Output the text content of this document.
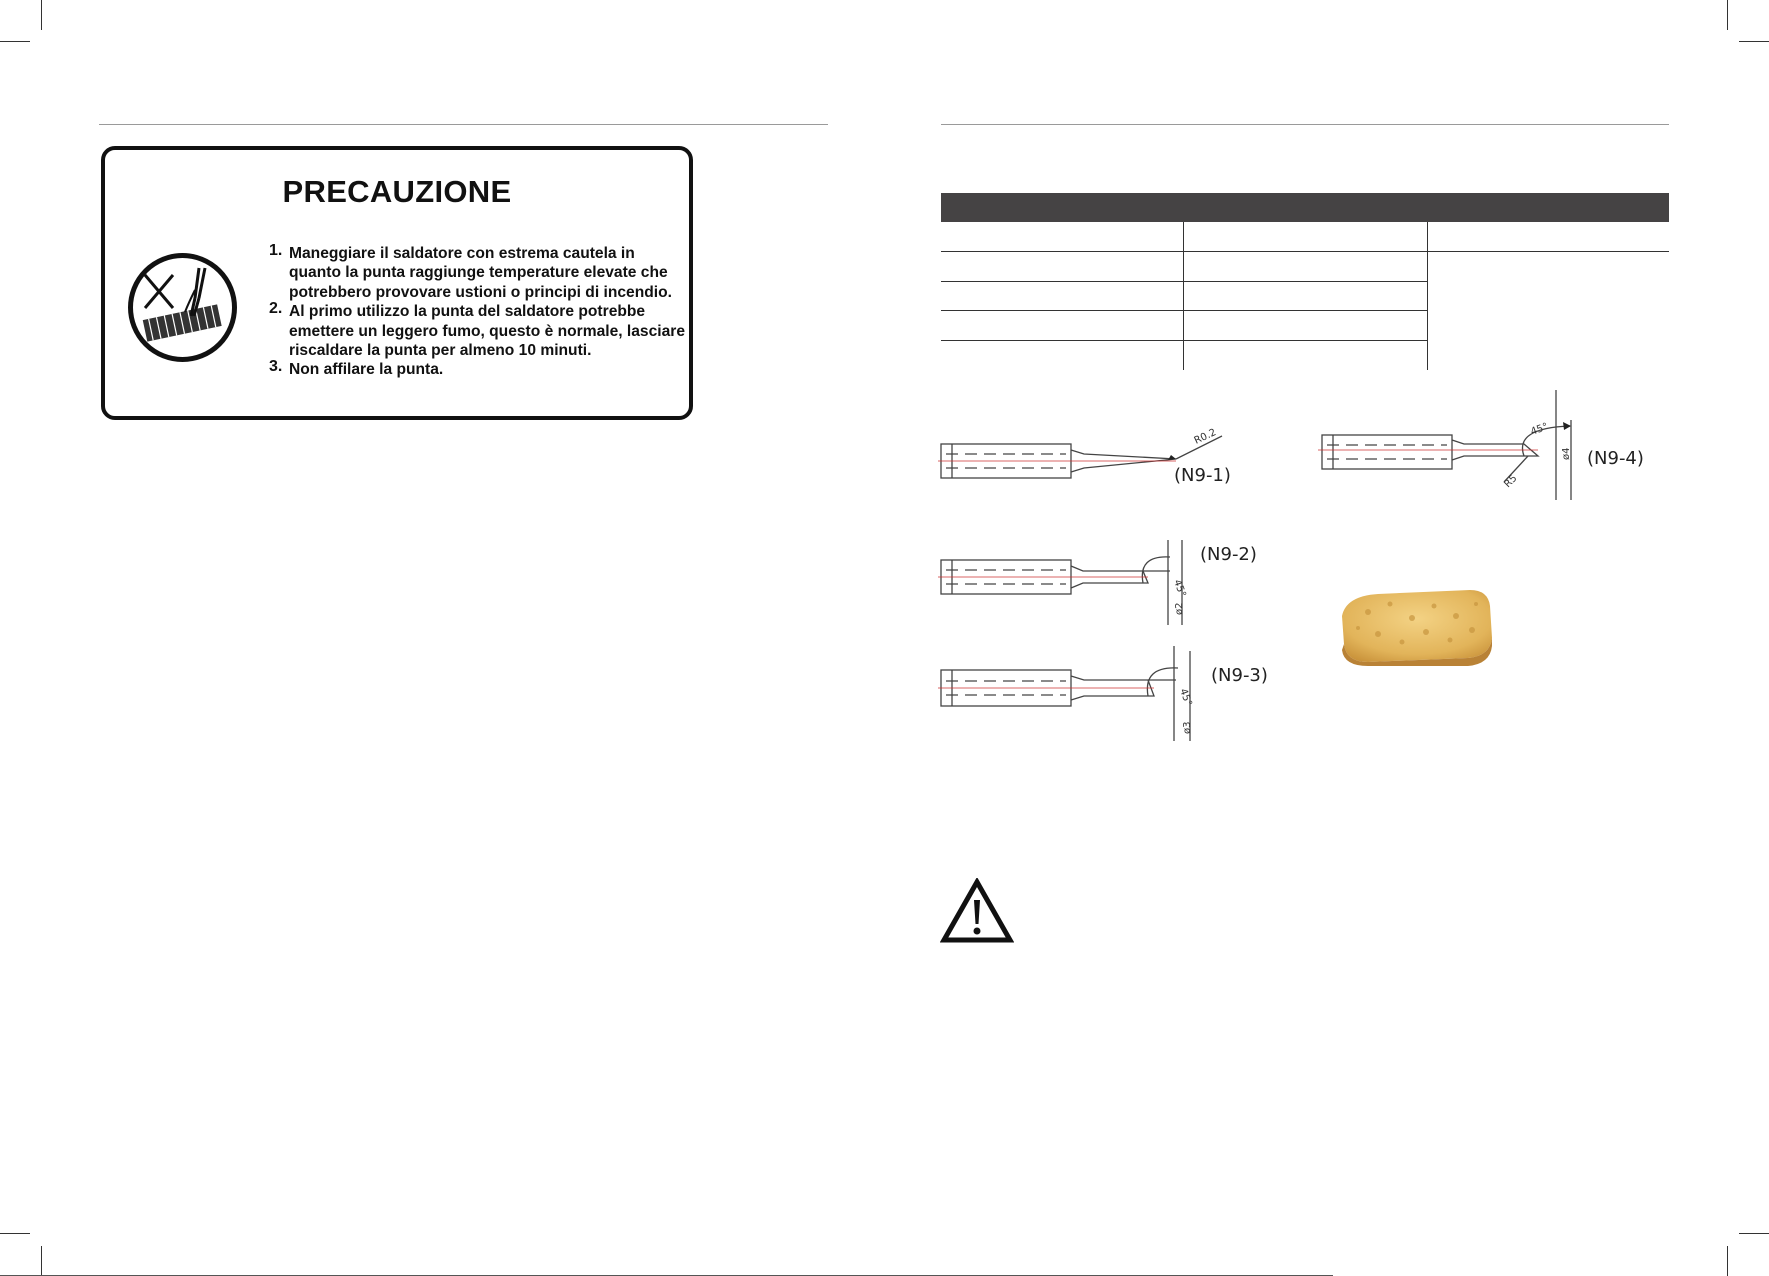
PRECAUZIONE
1. Maneggiare il saldatore con estrema cautela in quanto la punta raggiunge temperature elevate che potrebbero provovare ustioni o principi di incendio.
2. Al primo utilizzo la punta del saldatore potrebbe emettere un leggero fumo, questo è normale, lasciare riscaldare la punta per almeno 10 minuti.
3. Non affilare la punta.
R0.2
(N9-1)
45°
ø2
(N9-2)
45°
ø3
(N9-3)
45°
ø4
R5
(N9-4)
